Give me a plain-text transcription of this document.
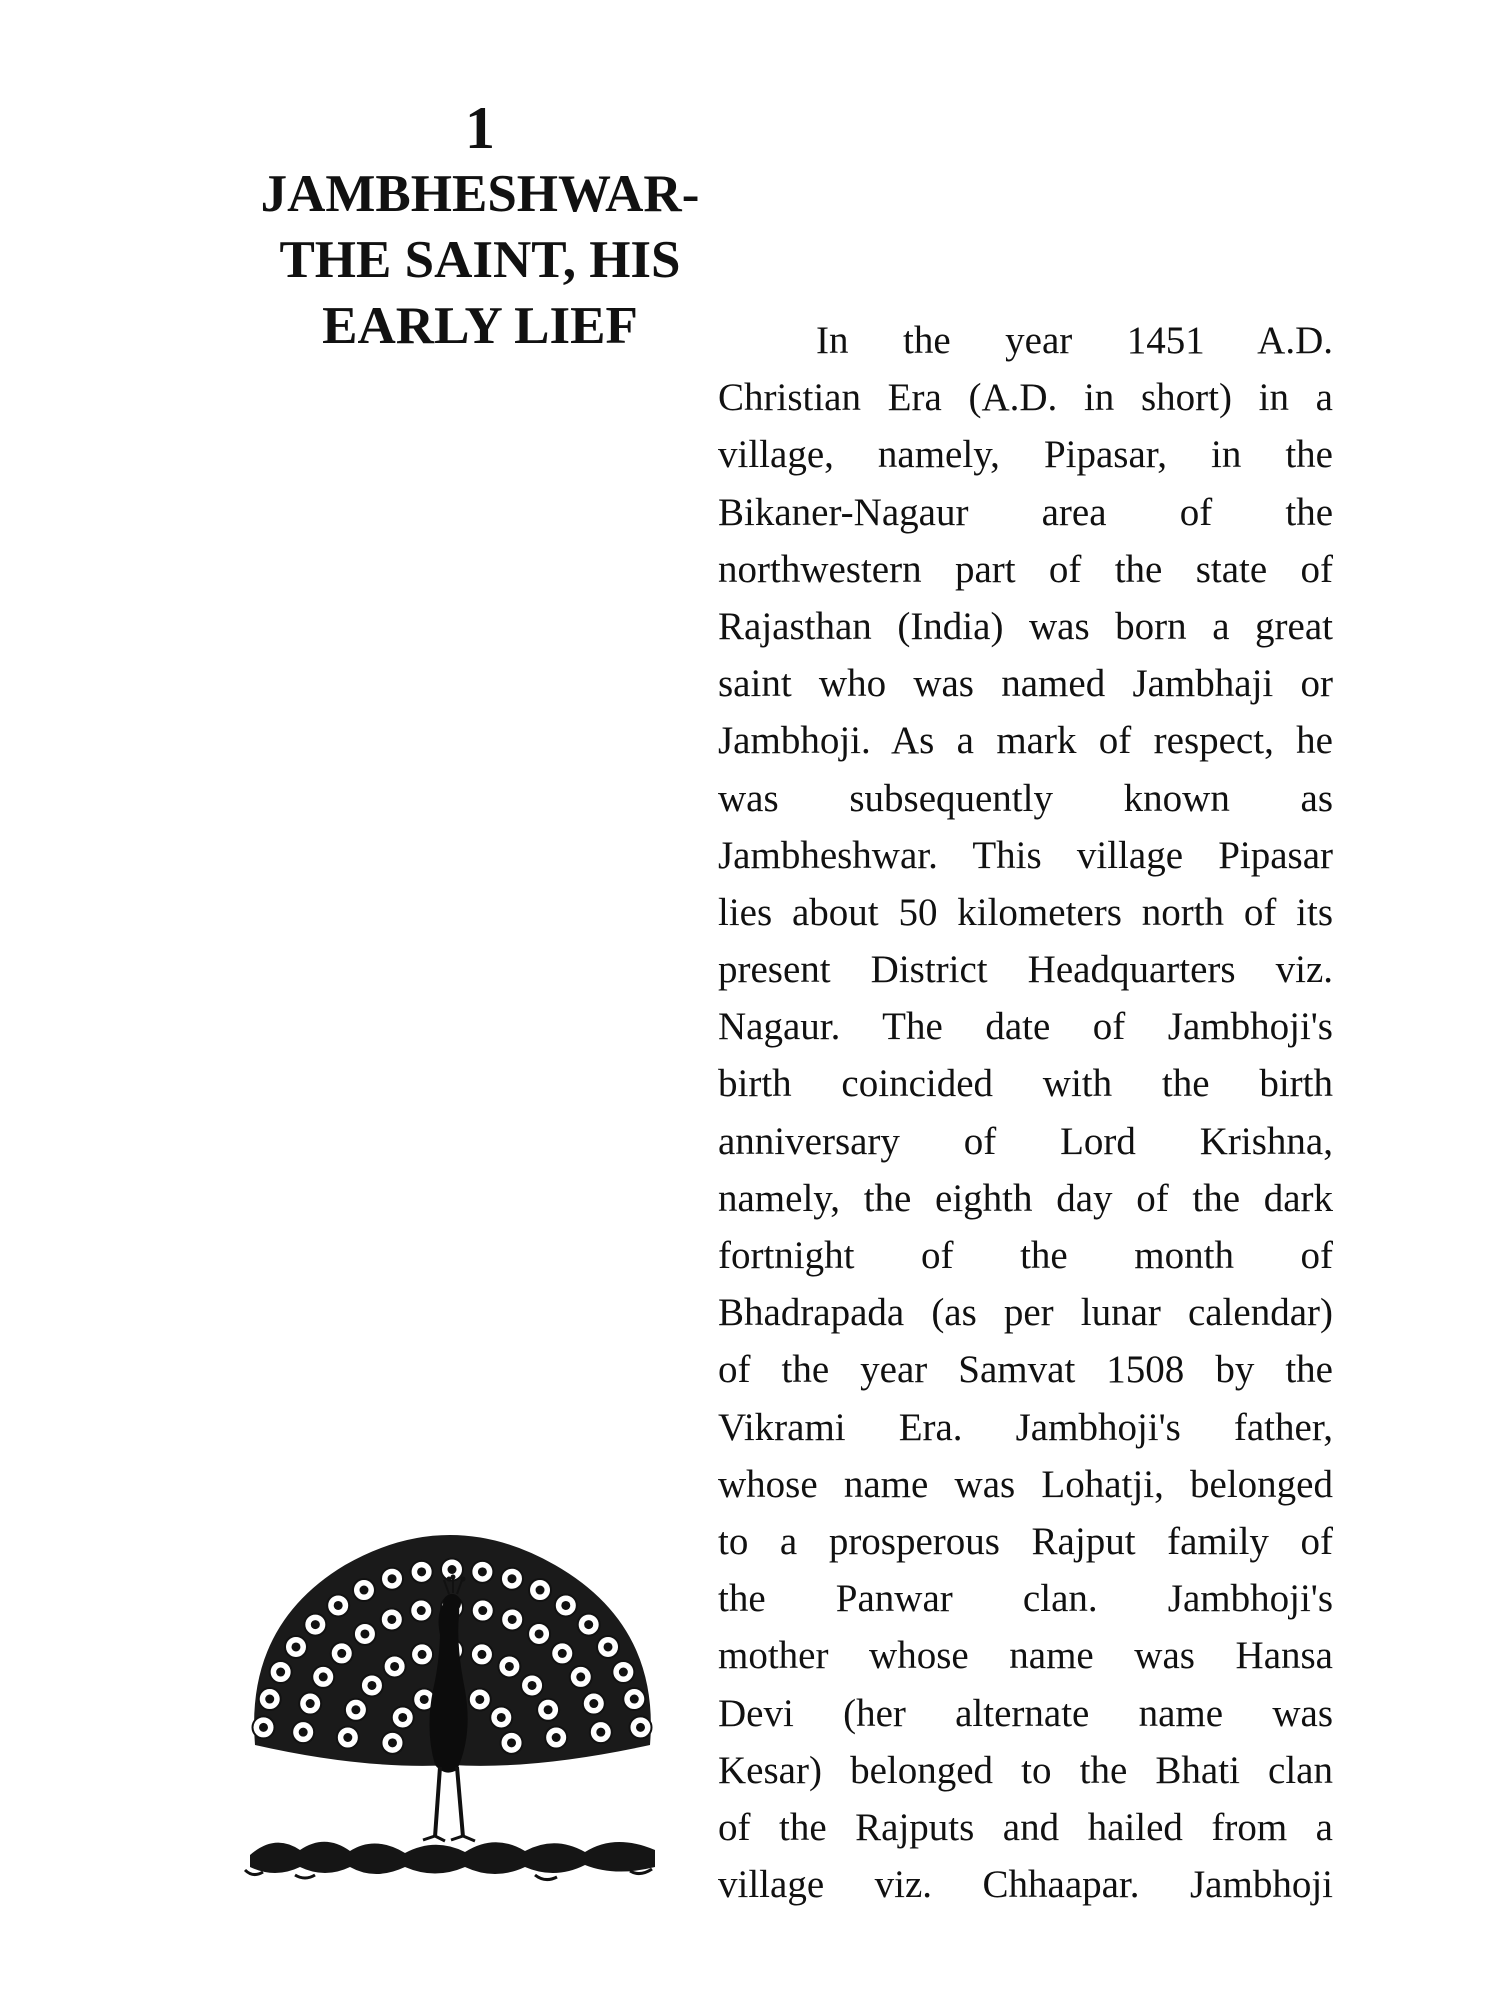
1
JAMBHESHWAR-
THE SAINT, HIS
EARLY LIEF	In the year 1451 A.D.
Christian Era (A.D. in short) in a
village, namely, Pipasar, in the
Bikaner-Nagaur area of the
northwestern part of the state of
Rajasthan (India) was born a great
saint who was named Jambhaji or
Jambhoji. As a mark of respect, he
was subsequently known as
Jambheshwar. This village Pipasar
lies about 50 kilometers north of its
present District Headquarters viz.
Nagaur. The date of Jambhoji's
birth coincided with the birth
anniversary of Lord Krishna,
namely, the eighth day of the dark
fortnight of the month of
Bhadrapada (as per lunar calendar)
of the year Samvat 1508 by the
Vikrami Era. Jambhoji's father,
whose name was Lohatji, belonged
to a prosperous Rajput family of
the Panwar clan. Jambhoji's
mother whose name was Hansa
Devi (her alternate name was
Kesar) belonged to the Bhati clan
of the Rajputs and hailed from a
village viz. Chhaapar. Jambhoji
